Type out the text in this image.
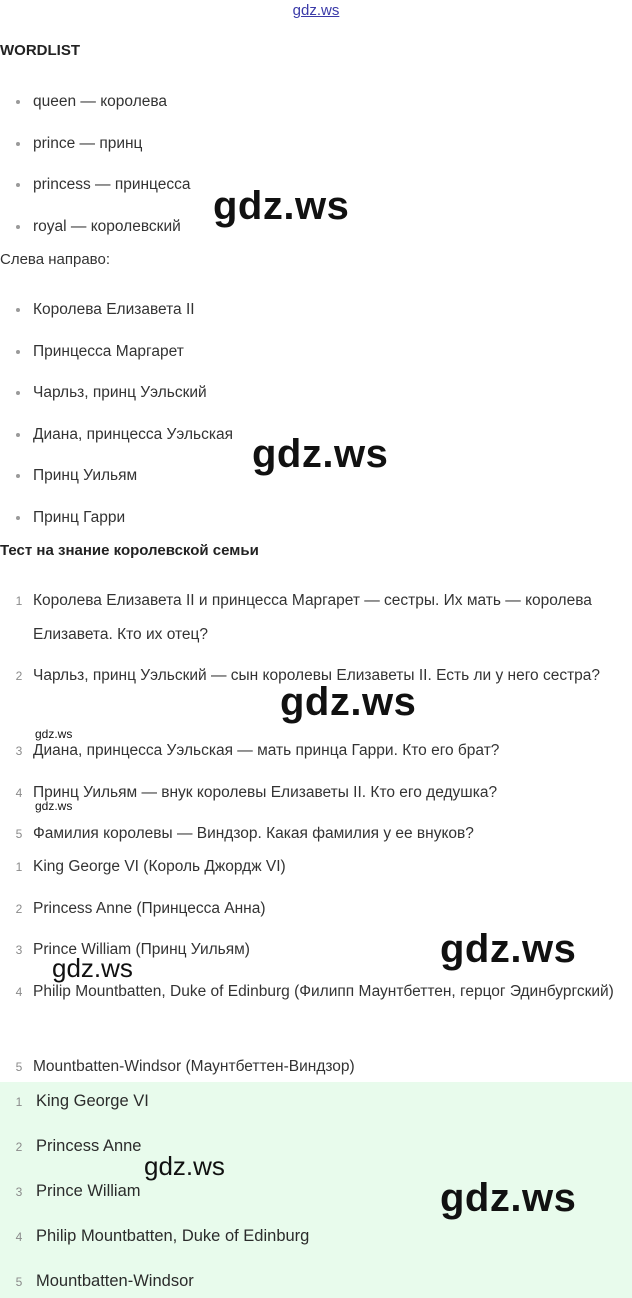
gdz.ws
WORDLIST
queen — королева
prince — принц
princess — принцесса
royal — королевский
Слева направо:
Королева Елизавета II
Принцесса Маргарет
Чарльз, принц Уэльский
Диана, принцесса Уэльская
Принц Уильям
Принц Гарри
Тест на знание королевской семьи
1 Королева Елизавета II и принцесса Маргарет — сестры. Их мать — королева Елизавета. Кто их отец?
2 Чарльз, принц Уэльский — сын королевы Елизаветы II. Есть ли у него сестра?
3 Диана, принцесса Уэльская — мать принца Гарри. Кто его брат?
4 Принц Уильям — внук королевы Елизаветы II. Кто его дедушка?
5 Фамилия королевы — Виндзор. Какая фамилия у ее внуков?
1 King George VI (Король Джордж VI)
2 Princess Anne (Принцесса Анна)
3 Prince William (Принц Уильям)
4 Philip Mountbatten, Duke of Edinburg (Филипп Маунтбеттен, герцог Эдинбургский)
5 Mountbatten-Windsor (Маунтбеттен-Виндзор)
1 King George VI
2 Princess Anne
3 Prince William
4 Philip Mountbatten, Duke of Edinburg
5 Mountbatten-Windsor
gdz.ws
gdz.ws
gdz.ws
gdz.ws
gdz.ws
gdz.ws
gdz.ws
gdz.ws
gdz.ws
